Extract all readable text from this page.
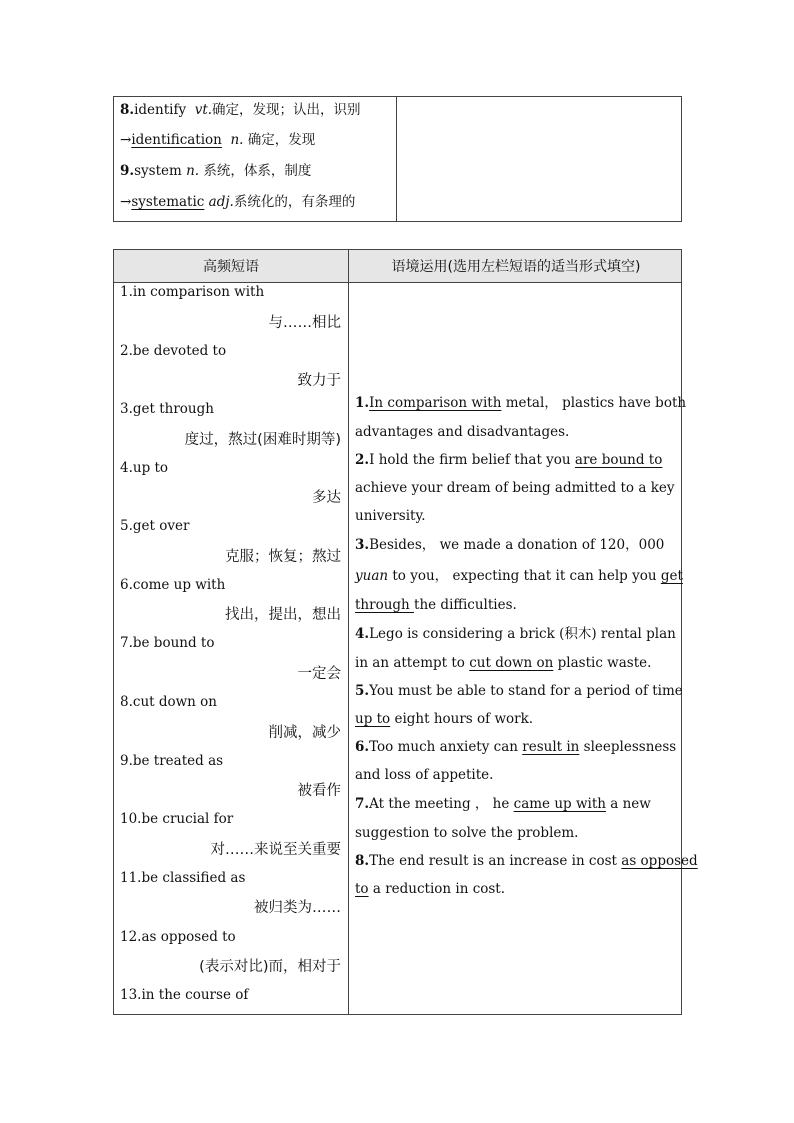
8.identify vt.确定，发现；认出，识别
→identification n. 确定，发现
9.system n. 系统，体系，制度
→systematic adj.系统化的，有条理的
高频短语	语境运用(选用左栏短语的适当形式填空)
1.in comparison with
与……相比
2.be devoted to
致力于
3.get through
度过，熬过(困难时期等)
4.up to
多达
5.get over
克服；恢复；熬过
6.come up with
找出，提出，想出
7.be bound to
一定会
8.cut down on
削减，减少
9.be treated as
被看作
10.be crucial for
对……来说至关重要
11.be classified as
被归类为……
12.as opposed to
(表示对比)而，相对于
13.in the course of
1.In comparison with metal， plastics have both
advantages and disadvantages.
2.I hold the firm belief that you are bound to
achieve your dream of being admitted to a key
university.
3.Besides， we made a donation of 120，000
yuan to you， expecting that it can help you get
through the difficulties.
4.Lego is considering a brick (积木) rental plan
in an attempt to cut down on plastic waste.
5.You must be able to stand for a period of time
up to eight hours of work.
6.Too much anxiety can result in sleeplessness
and loss of appetite.
7.At the meeting ， he came up with a new
suggestion to solve the problem.
8.The end result is an increase in cost as opposed
to a reduction in cost.
